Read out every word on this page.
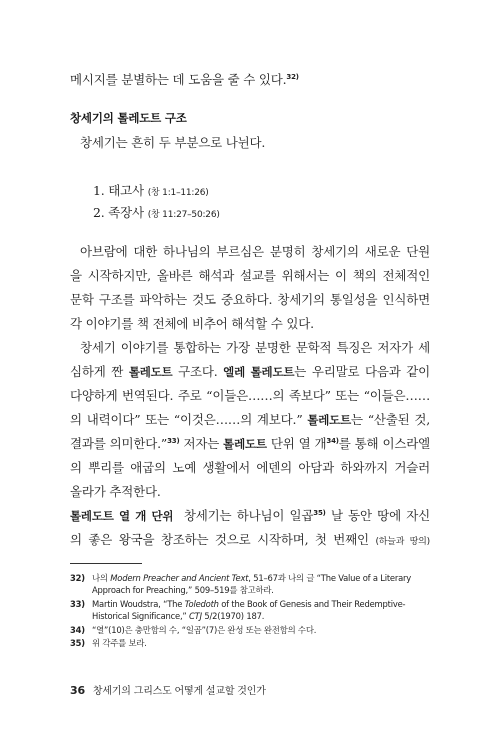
메시지를 분별하는 데 도움을 줄 수 있다.$^{32)}$
창세기의 톨레도트 구조
창세기는 흔히 두 부분으로 나뉜다.
1. 태고사 (창 1:1–11:26)
2. 족장사 (창 11:27–50:26)
아브람에 대한 하나님의 부르심은 분명히 창세기의 새로운 단원
을 시작하지만, 올바른 해석과 설교를 위해서는 이 책의 전체적인
문학 구조를 파악하는 것도 중요하다. 창세기의 통일성을 인식하면
각 이야기를 책 전체에 비추어 해석할 수 있다.
창세기 이야기를 통합하는 가장 분명한 문학적 특징은 저자가 세
심하게 짠 톨레도트 구조다. 엘레 톨레도트는 우리말로 다음과 같이
다양하게 번역된다. 주로 “이들은……의 족보다” 또는 “이들은……
의 내력이다” 또는 “이것은……의 계보다.” 톨레도트는 “산출된 것,
결과를 의미한다.”$^{33)}$ 저자는 톨레도트 단위 열 개$^{34)}$를 통해 이스라엘
의 뿌리를 애굽의 노예 생활에서 에덴의 아담과 하와까지 거슬러
올라가 추적한다.
톨레도트 열 개 단위 창세기는 하나님이 일곱$^{35)}$ 날 동안 땅에 자신
의 좋은 왕국을 창조하는 것으로 시작하며, 첫 번째인 (하늘과 땅의)
32) 나의 Modern Preacher and Ancient Text, 51–67과 나의 글 “The Value of a Literary
Approach for Preaching,” 509–519를 참고하라.
33) Martin Woudstra, “The Toledoth of the Book of Genesis and Their Redemptive-
Historical Significance,” CTJ 5/2(1970) 187.
34) “열”(10)은 충만함의 수, “일곱”(7)은 완성 또는 완전함의 수다.
35) 위 각주를 보라.
36 창세기의 그리스도 어떻게 설교할 것인가
